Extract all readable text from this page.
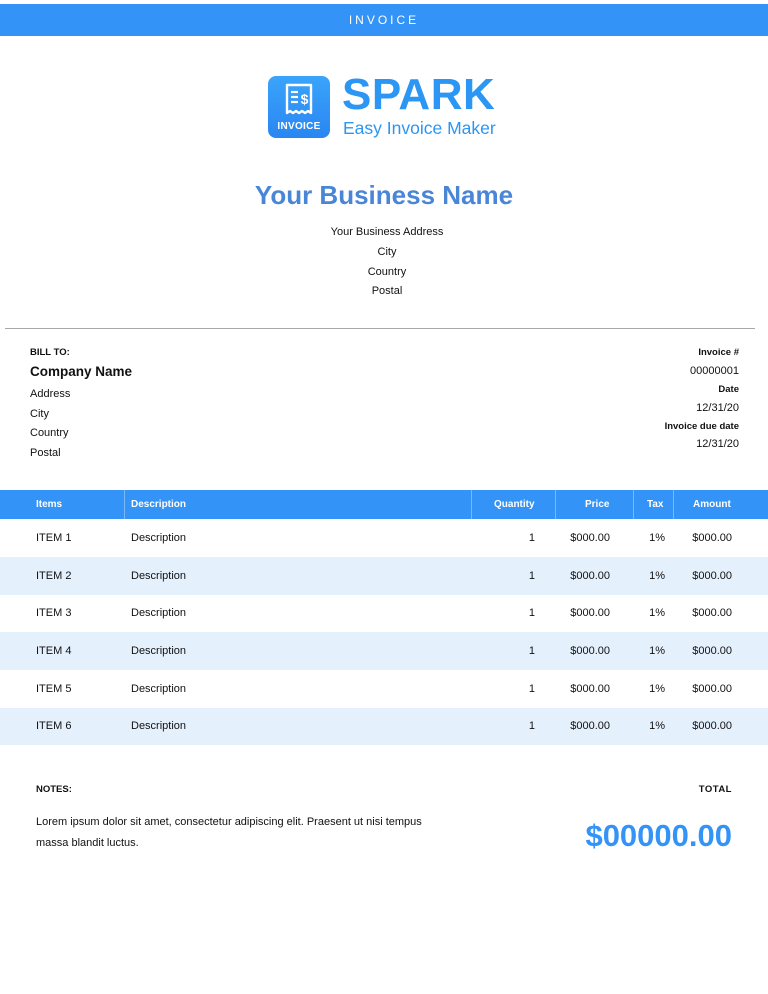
INVOICE
$
INVOICE
SPARK
Easy Invoice Maker
Your Business Name
Your Business Address
City
Country
Postal
BILL TO:
Company Name
Address
City
Country
Postal
Invoice #
00000001
Date
12/31/20
Invoice due date
12/31/20
Items	Description	Quantity	Price	Tax	Amount
ITEM 1	Description	1	$000.00	1% $000.00
ITEM 2	Description	1	$000.00	1% $000.00
ITEM 3	Description	1	$000.00	1% $000.00
ITEM 4	Description	1	$000.00	1% $000.00
ITEM 5	Description	1	$000.00	1% $000.00
ITEM 6	Description	1	$000.00	1% $000.00
NOTES:	TOTAL
Lorem ipsum dolor sit amet, consectetur adipiscing elit. Praesent ut nisi tempus massa blandit luctus.	$00000.00
